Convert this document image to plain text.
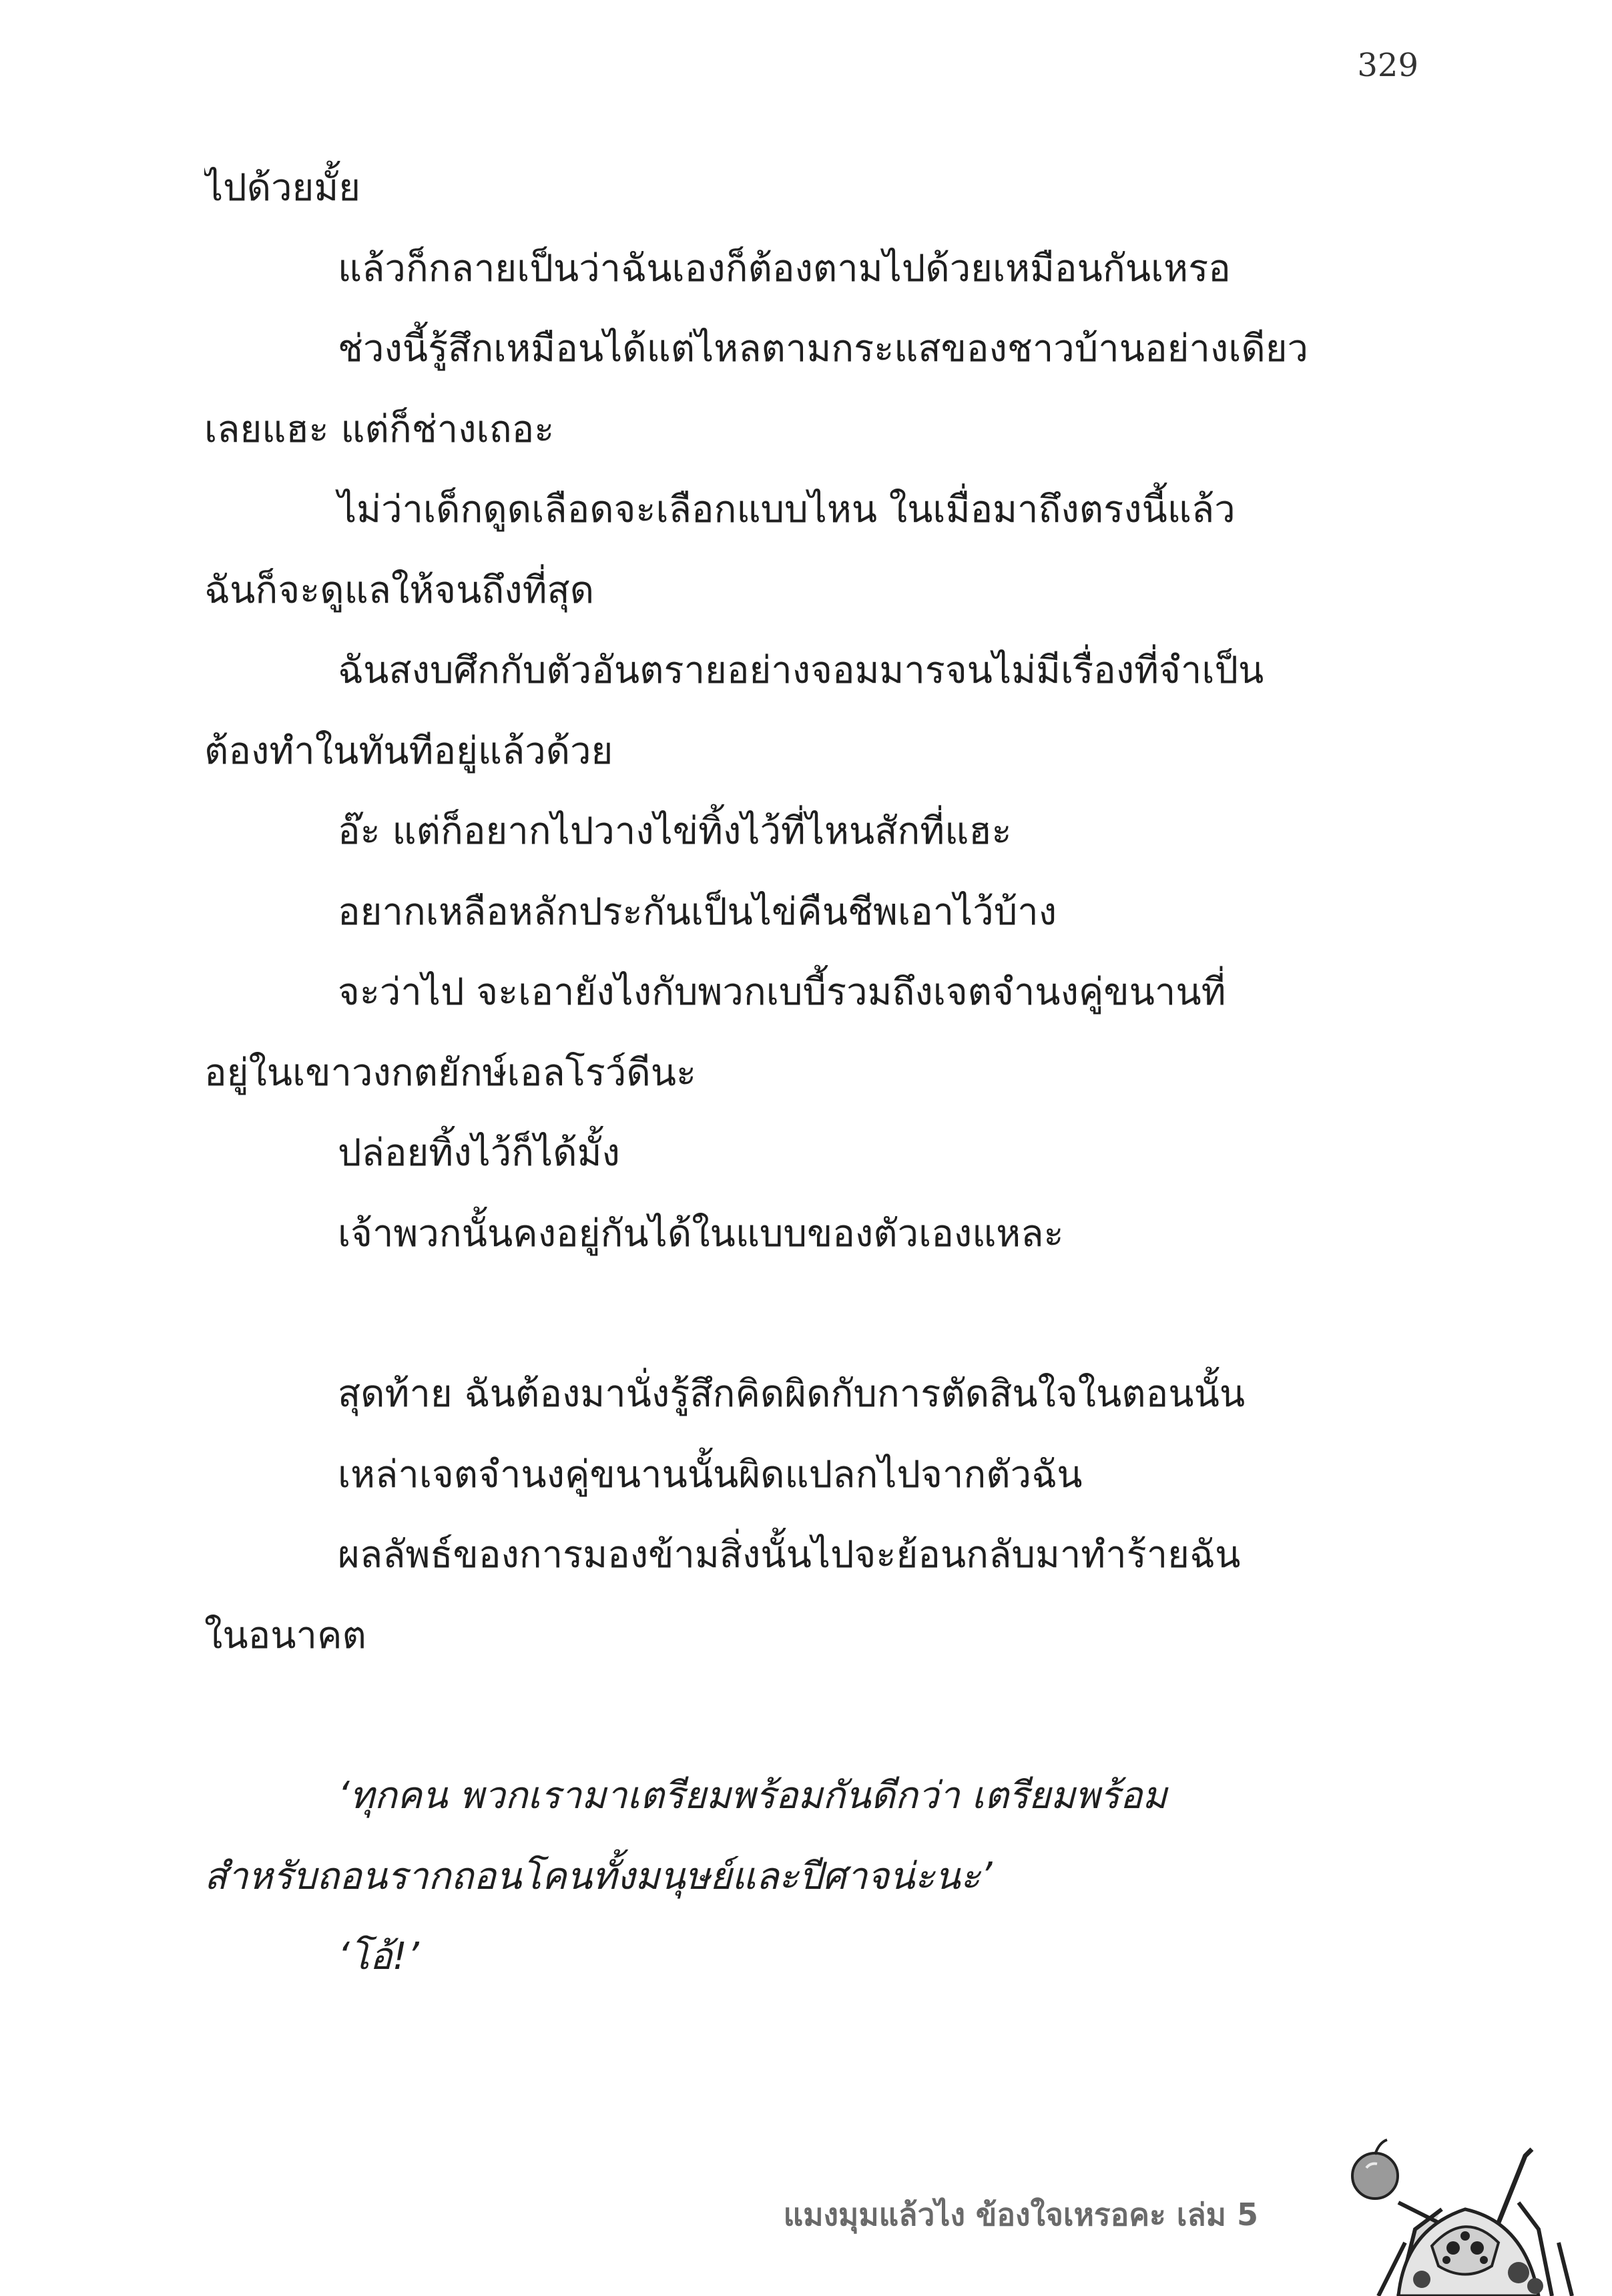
329
ไปด้วยมั้ย
แล้วก็กลายเป็นว่าฉันเองก็ต้องตามไปด้วยเหมือนกันเหรอ
ช่วงนี้รู้สึกเหมือนได้แต่ไหลตามกระแสของชาวบ้านอย่างเดียว
เลยแฮะ แต่ก็ช่างเถอะ
ไม่ว่าเด็กดูดเลือดจะเลือกแบบไหน ในเมื่อมาถึงตรงนี้แล้ว
ฉันก็จะดูแลให้จนถึงที่สุด
ฉันสงบศึกกับตัวอันตรายอย่างจอมมารจนไม่มีเรื่องที่จำเป็น
ต้องทำในทันทีอยู่แล้วด้วย
อ๊ะ แต่ก็อยากไปวางไข่ทิ้งไว้ที่ไหนสักที่แฮะ
อยากเหลือหลักประกันเป็นไข่คืนชีพเอาไว้บ้าง
จะว่าไป จะเอายังไงกับพวกเบบี้รวมถึงเจตจำนงคู่ขนานที่
อยู่ในเขาวงกตยักษ์เอลโรว์ดีนะ
ปล่อยทิ้งไว้ก็ได้มั้ง
เจ้าพวกนั้นคงอยู่กันได้ในแบบของตัวเองแหละ
สุดท้าย ฉันต้องมานั่งรู้สึกคิดผิดกับการตัดสินใจในตอนนั้น
เหล่าเจตจำนงคู่ขนานนั้นผิดแปลกไปจากตัวฉัน
ผลลัพธ์ของการมองข้ามสิ่งนั้นไปจะย้อนกลับมาทำร้ายฉัน
ในอนาคต
‘ทุกคน พวกเรามาเตรียมพร้อมกันดีกว่า เตรียมพร้อม
สำหรับถอนรากถอนโคนทั้งมนุษย์และปีศาจน่ะนะ’
‘โอ้!’
แมงมุมแล้วไง ข้องใจเหรอคะ เล่ม 5
